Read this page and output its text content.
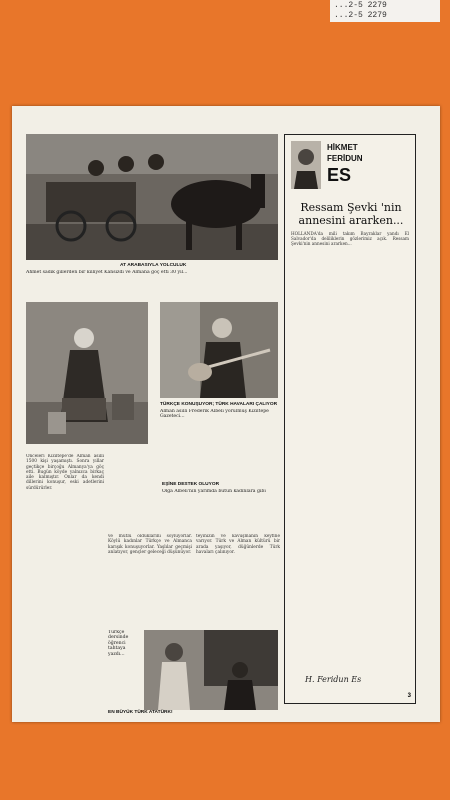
...2-5 2279
...2-5 2279
AT ARABASIYLA YOLCULUK
Ahmet sadik gillerden bir killiyet Kansızdı ve Almana göç etti 30 yıl...
EŞİNE DESTEK OLUYOR
Olga Albeli'nin yarımda bütün kadınlara gibi
TÜRKÇE KONUŞUYOR; TÜRK HAVALARI ÇALIYOR
Alman asıllı Frederik Albeli yorulmuş Kızıltepe Gazeteci...
Önceleri Kızıltepe'de Alman asıllı 1500 kişi yaşamıştı. Sonra yıllar geçtikçe birçoğu Almanya'ya göç etti. Bugün köyde yalnızca birkaç aile kalmıştır. Onlar da kendi dillerini konuşur, eski adetlerini sürdürürler.
ve mutlu olduklarını söylüyorlar. Köylü kadınlar Türkçe ve Almanca karışık konuşuyorlar. Yaşlılar geçmişi anlatıyor, gençler geleceği düşünüyor.
teyinizin ve kavuşmanın keyfine varıyor. Türk ve Alman kültürü bir arada yaşıyor, düğünlerde Türk havaları çalınıyor.
EN BÜYÜK TÜRK ATATÜRK!
Türkçe dersinde öğrenci tahtaya yazdı...
HİKMET
FERİDUN
ES
Ressam Şevki 'nin annesini ararken...
HOLLANDA'da mili takım Bayraklar yandı El Salvador'da deliliklerin gözlerimiz açık. Ressam Şevki'nin annesini ararken...
H. Feridun Es
3
